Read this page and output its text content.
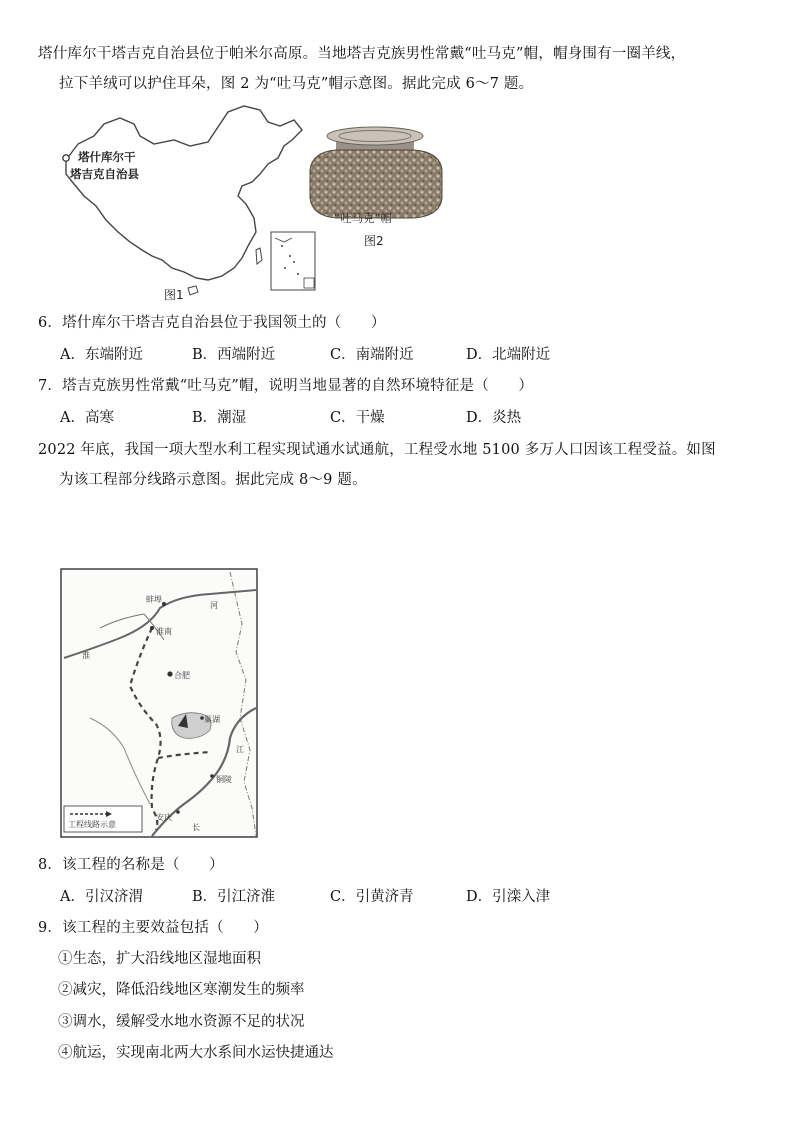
塔什库尔干塔吉克自治县位于帕米尔高原。当地塔吉克族男性常戴“吐马克”帽，帽身围有一圈羊线，
拉下羊绒可以护住耳朵，图 2 为“吐马克”帽示意图。据此完成 6～7 题。
塔什库尔干
塔吉克自治县
图1
“吐马克”帽
图2
6．塔什库尔干塔吉克自治县位于我国领土的（　　）
A．东端附近	B．西端附近	C．南端附近	D．北端附近
7．塔吉克族男性常戴“吐马克”帽，说明当地显著的自然环境特征是（　　）
A．高寒	B．潮湿	C．干燥	D．炎热
2022 年底，我国一项大型水利工程实现试通水试通航，工程受水地 5100 多万人口因该工程受益。如图
为该工程部分线路示意图。据此完成 8～9 题。
蚌埠
淮南
合肥
巢湖
铜陵
安庆
淮
河
江
长
工程线路示意
8．该工程的名称是（　　）
A．引汉济渭	B．引江济淮	C．引黄济青	D．引滦入津
9．该工程的主要效益包括（　　）
①生态，扩大沿线地区湿地面积
②减灾，降低沿线地区寒潮发生的频率
③调水，缓解受水地水资源不足的状况
④航运，实现南北两大水系间水运快捷通达
